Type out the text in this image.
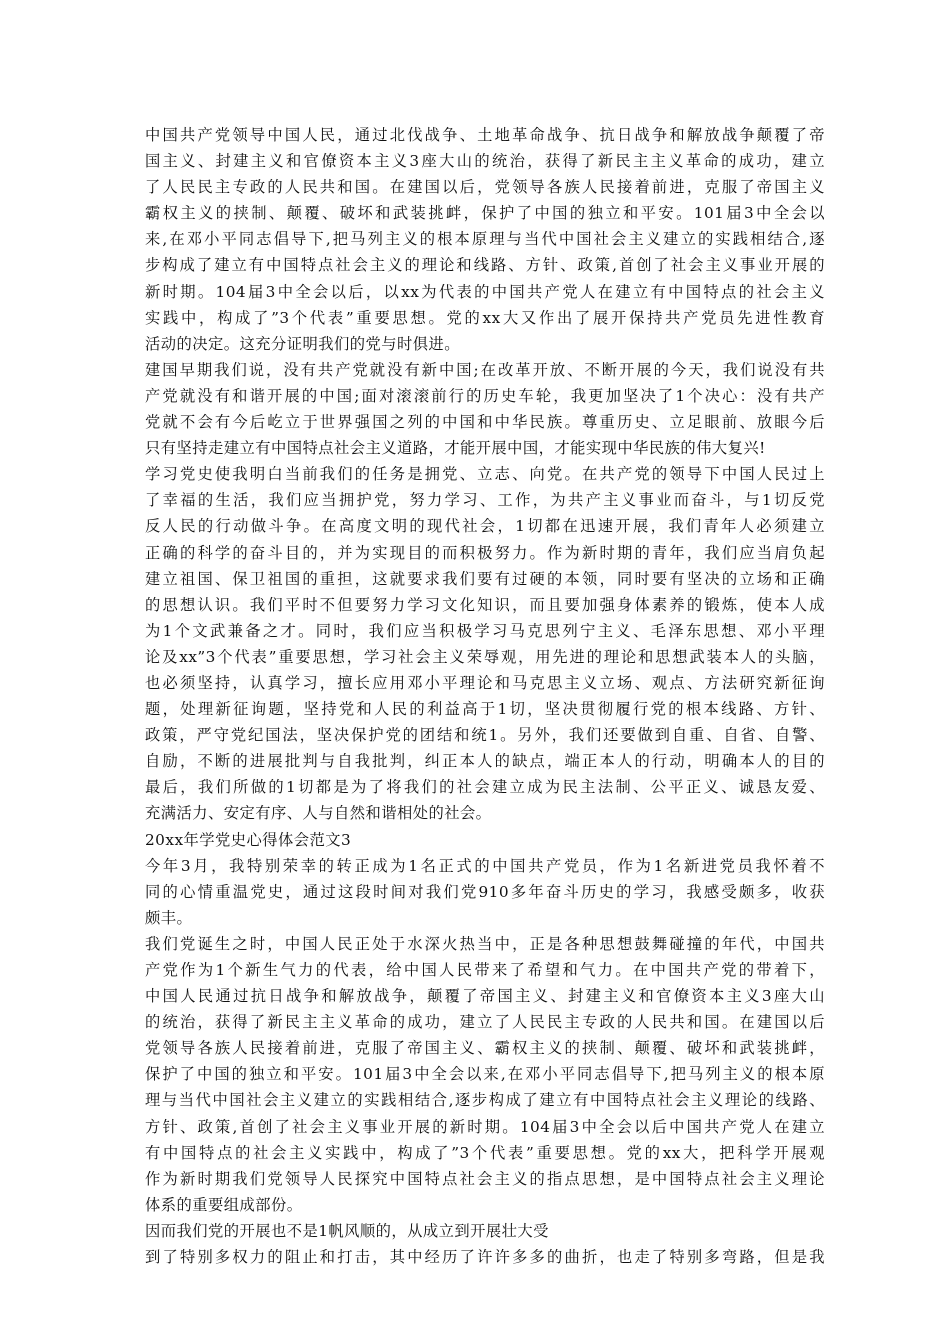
中国共产党领导中国人民，通过北伐战争、土地革命战争、抗日战争和解放战争颠覆了帝
国主义、封建主义和官僚资本主义3座大山的统治，获得了新民主主义革命的成功，建立
了人民民主专政的人民共和国。在建国以后，党领导各族人民接着前进，克服了帝国主义
霸权主义的挟制、颠覆、破坏和武装挑衅，保护了中国的独立和平安。101届3中全会以
来,在邓小平同志倡导下,把马列主义的根本原理与当代中国社会主义建立的实践相结合,逐
步构成了建立有中国特点社会主义的理论和线路、方针、政策,首创了社会主义事业开展的
新时期。104届3中全会以后，以xx为代表的中国共产党人在建立有中国特点的社会主义
实践中，构成了”3个代表”重要思想。党的xx大又作出了展开保持共产党员先进性教育
活动的决定。这充分证明我们的党与时俱进。
建国早期我们说，没有共产党就没有新中国;在改革开放、不断开展的今天，我们说没有共
产党就没有和谐开展的中国;面对滚滚前行的历史车轮，我更加坚决了1个决心：没有共产
党就不会有今后屹立于世界强国之列的中国和中华民族。尊重历史、立足眼前、放眼今后
只有坚持走建立有中国特点社会主义道路，才能开展中国，才能实现中华民族的伟大复兴!
学习党史使我明白当前我们的任务是拥党、立志、向党。在共产党的领导下中国人民过上
了幸福的生活，我们应当拥护党，努力学习、工作，为共产主义事业而奋斗，与1切反党
反人民的行动做斗争。在高度文明的现代社会，1切都在迅速开展，我们青年人必须建立
正确的科学的奋斗目的，并为实现目的而积极努力。作为新时期的青年，我们应当肩负起
建立祖国、保卫祖国的重担，这就要求我们要有过硬的本领，同时要有坚决的立场和正确
的思想认识。我们平时不但要努力学习文化知识，而且要加强身体素养的锻炼，使本人成
为1个文武兼备之才。同时，我们应当积极学习马克思列宁主义、毛泽东思想、邓小平理
论及xx”3个代表”重要思想，学习社会主义荣辱观，用先进的理论和思想武装本人的头脑，
也必须坚持，认真学习，擅长应用邓小平理论和马克思主义立场、观点、方法研究新征询
题，处理新征询题，坚持党和人民的利益高于1切，坚决贯彻履行党的根本线路、方针、
政策，严守党纪国法，坚决保护党的团结和统1。另外，我们还要做到自重、自省、自警、
自励，不断的进展批判与自我批判，纠正本人的缺点，端正本人的行动，明确本人的目的
最后，我们所做的1切都是为了将我们的社会建立成为民主法制、公平正义、诚恳友爱、
充满活力、安定有序、人与自然和谐相处的社会。
20xx年学党史心得体会范文3
今年3月，我特别荣幸的转正成为1名正式的中国共产党员，作为1名新进党员我怀着不
同的心情重温党史，通过这段时间对我们党910多年奋斗历史的学习，我感受颇多，收获
颇丰。
我们党诞生之时，中国人民正处于水深火热当中，正是各种思想鼓舞碰撞的年代，中国共
产党作为1个新生气力的代表，给中国人民带来了希望和气力。在中国共产党的带着下，
中国人民通过抗日战争和解放战争，颠覆了帝国主义、封建主义和官僚资本主义3座大山
的统治，获得了新民主主义革命的成功，建立了人民民主专政的人民共和国。在建国以后
党领导各族人民接着前进，克服了帝国主义、霸权主义的挟制、颠覆、破坏和武装挑衅，
保护了中国的独立和平安。101届3中全会以来,在邓小平同志倡导下,把马列主义的根本原
理与当代中国社会主义建立的实践相结合,逐步构成了建立有中国特点社会主义理论的线路、
方针、政策,首创了社会主义事业开展的新时期。104届3中全会以后中国共产党人在建立
有中国特点的社会主义实践中，构成了”3个代表”重要思想。党的xx大，把科学开展观
作为新时期我们党领导人民探究中国特点社会主义的指点思想，是中国特点社会主义理论
体系的重要组成部份。
因而我们党的开展也不是1帆风顺的，从成立到开展壮大受
到了特别多权力的阻止和打击，其中经历了许许多多的曲折，也走了特别多弯路，但是我
